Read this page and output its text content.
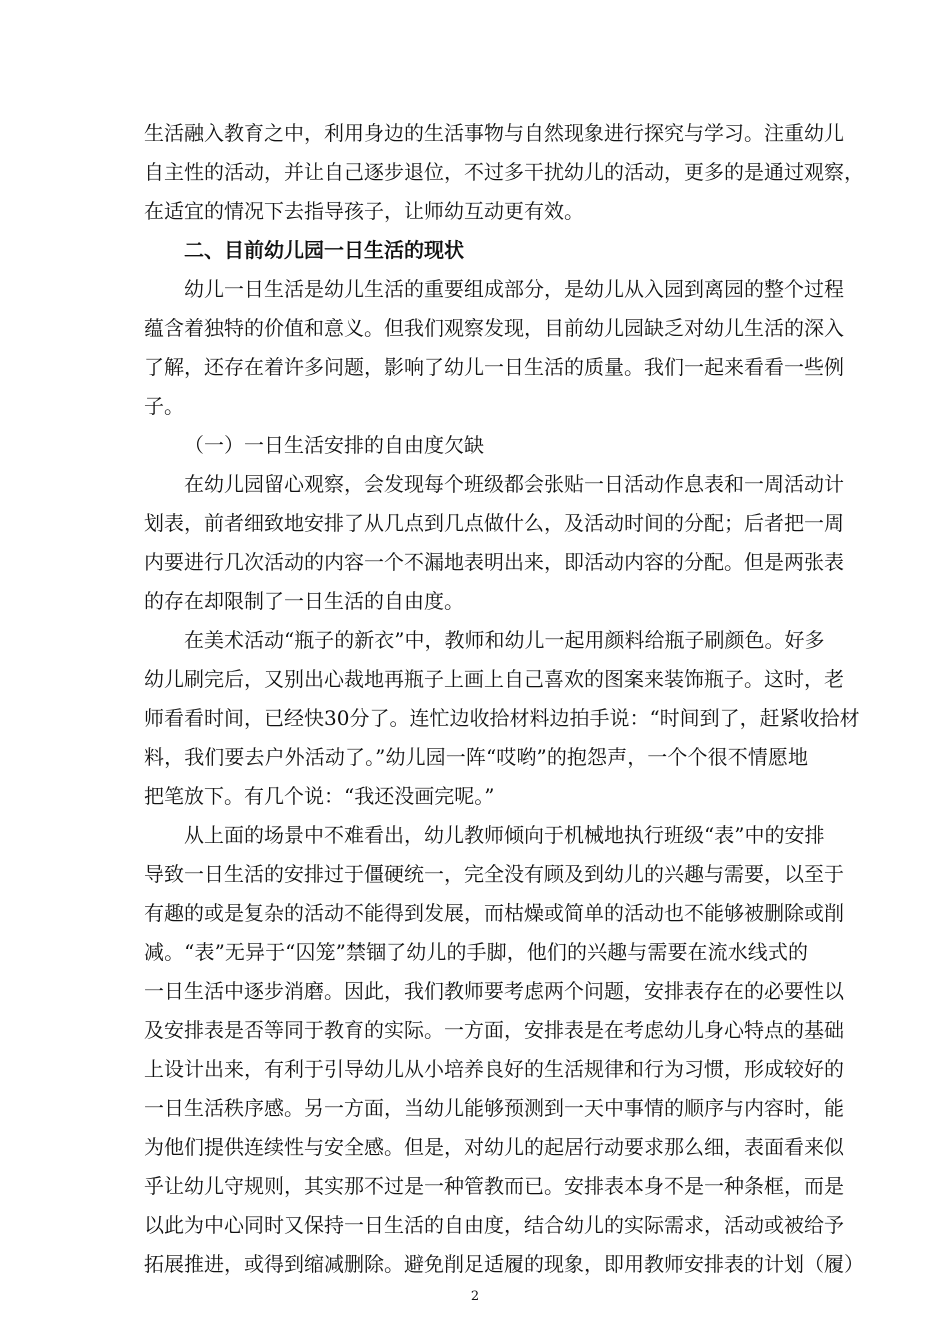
生活融入教育之中，利用身边的生活事物与自然现象进行探究与学习。注重幼儿
自主性的活动，并让自己逐步退位，不过多干扰幼儿的活动，更多的是通过观察，
在适宜的情况下去指导孩子，让师幼互动更有效。
二、目前幼儿园一日生活的现状
幼儿一日生活是幼儿生活的重要组成部分，是幼儿从入园到离园的整个过程
蕴含着独特的价值和意义。但我们观察发现，目前幼儿园缺乏对幼儿生活的深入
了解，还存在着许多问题，影响了幼儿一日生活的质量。我们一起来看看一些例
子。
（一）一日生活安排的自由度欠缺
在幼儿园留心观察，会发现每个班级都会张贴一日活动作息表和一周活动计
划表，前者细致地安排了从几点到几点做什么，及活动时间的分配；后者把一周
内要进行几次活动的内容一个不漏地表明出来，即活动内容的分配。但是两张表
的存在却限制了一日生活的自由度。
在美术活动“瓶子的新衣”中，教师和幼儿一起用颜料给瓶子刷颜色。好多
幼儿刷完后，又别出心裁地再瓶子上画上自己喜欢的图案来装饰瓶子。这时，老
师看看时间，已经快30分了。连忙边收拾材料边拍手说：“时间到了，赶紧收拾材
料，我们要去户外活动了。”幼儿园一阵“哎哟”的抱怨声，一个个很不情愿地
把笔放下。有几个说：“我还没画完呢。”
从上面的场景中不难看出，幼儿教师倾向于机械地执行班级“表”中的安排
导致一日生活的安排过于僵硬统一，完全没有顾及到幼儿的兴趣与需要，以至于
有趣的或是复杂的活动不能得到发展，而枯燥或简单的活动也不能够被删除或削
减。“表”无异于“囚笼”禁锢了幼儿的手脚，他们的兴趣与需要在流水线式的
一日生活中逐步消磨。因此，我们教师要考虑两个问题，安排表存在的必要性以
及安排表是否等同于教育的实际。一方面，安排表是在考虑幼儿身心特点的基础
上设计出来，有利于引导幼儿从小培养良好的生活规律和行为习惯，形成较好的
一日生活秩序感。另一方面，当幼儿能够预测到一天中事情的顺序与内容时，能
为他们提供连续性与安全感。但是，对幼儿的起居行动要求那么细，表面看来似
乎让幼儿守规则，其实那不过是一种管教而已。安排表本身不是一种条框，而是
以此为中心同时又保持一日生活的自由度，结合幼儿的实际需求，活动或被给予
拓展推进，或得到缩减删除。避免削足适履的现象，即用教师安排表的计划（履）
2
